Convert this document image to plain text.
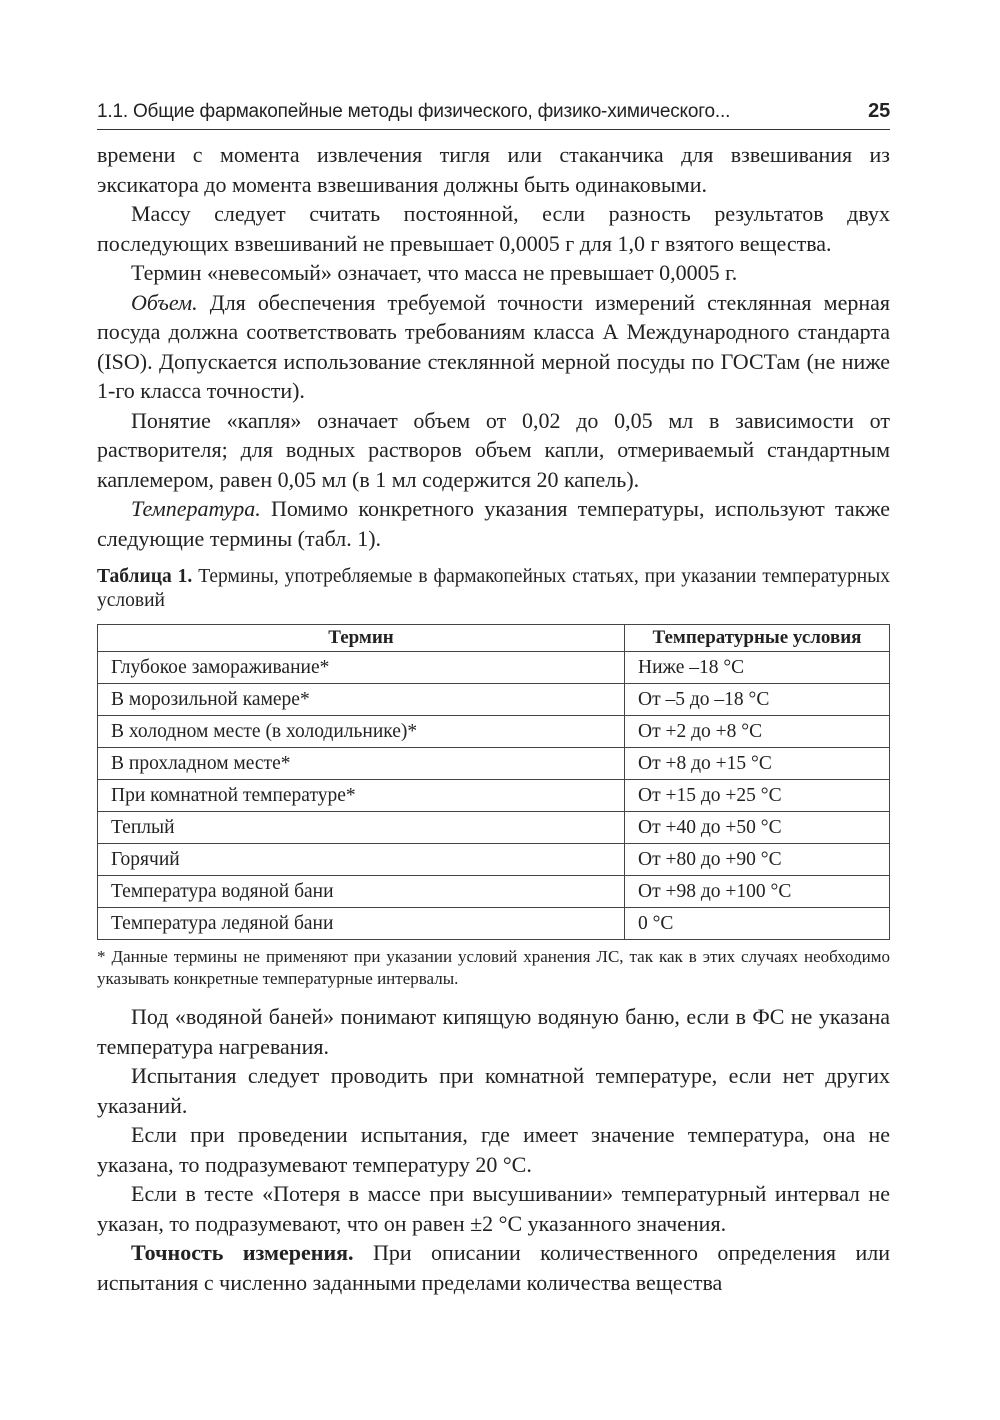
1.1. Общие фармакопейные методы физического, физико-химического...	25

времени с момента извлечения тигля или стаканчика для взвешивания из эксикатора до момента взвешивания должны быть одинаковыми.

Массу следует считать постоянной, если разность результатов двух последующих взвешиваний не превышает 0,0005 г для 1,0 г взятого вещества.

Термин «невесомый» означает, что масса не превышает 0,0005 г.

Объем. Для обеспечения требуемой точности измерений стеклянная мерная посуда должна соответствовать требованиям класса А Международного стандарта (ISO). Допускается использование стеклянной мерной посуды по ГОСТам (не ниже 1-го класса точности).

Понятие «капля» означает объем от 0,02 до 0,05 мл в зависимости от растворителя; для водных растворов объем капли, отмериваемый стандартным каплемером, равен 0,05 мл (в 1 мл содержится 20 капель).

Температура. Помимо конкретного указания температуры, используют также следующие термины (табл. 1).

Таблица 1. Термины, употребляемые в фармакопейных статьях, при указании температурных условий
Термин	Температурные условия
Глубокое замораживание*	Ниже –18 °С
В морозильной камере*	От –5 до –18 °С
В холодном месте (в холодильнике)*	От +2 до +8 °С
В прохладном месте*	От +8 до +15 °С
При комнатной температуре*	От +15 до +25 °С
Теплый	От +40 до +50 °С
Горячий	От +80 до +90 °С
Температура водяной бани	От +98 до +100 °С
Температура ледяной бани	0 °С
* Данные термины не применяют при указании условий хранения ЛС, так как в этих случаях необходимо указывать конкретные температурные интервалы.

Под «водяной баней» понимают кипящую водяную баню, если в ФС не указана температура нагревания.

Испытания следует проводить при комнатной температуре, если нет других указаний.

Если при проведении испытания, где имеет значение температура, она не указана, то подразумевают температуру 20 °С.

Если в тесте «Потеря в массе при высушивании» температурный интервал не указан, то подразумевают, что он равен ±2 °С указанного значения.

Точность измерения. При описании количественного определения или испытания с численно заданными пределами количества вещества
